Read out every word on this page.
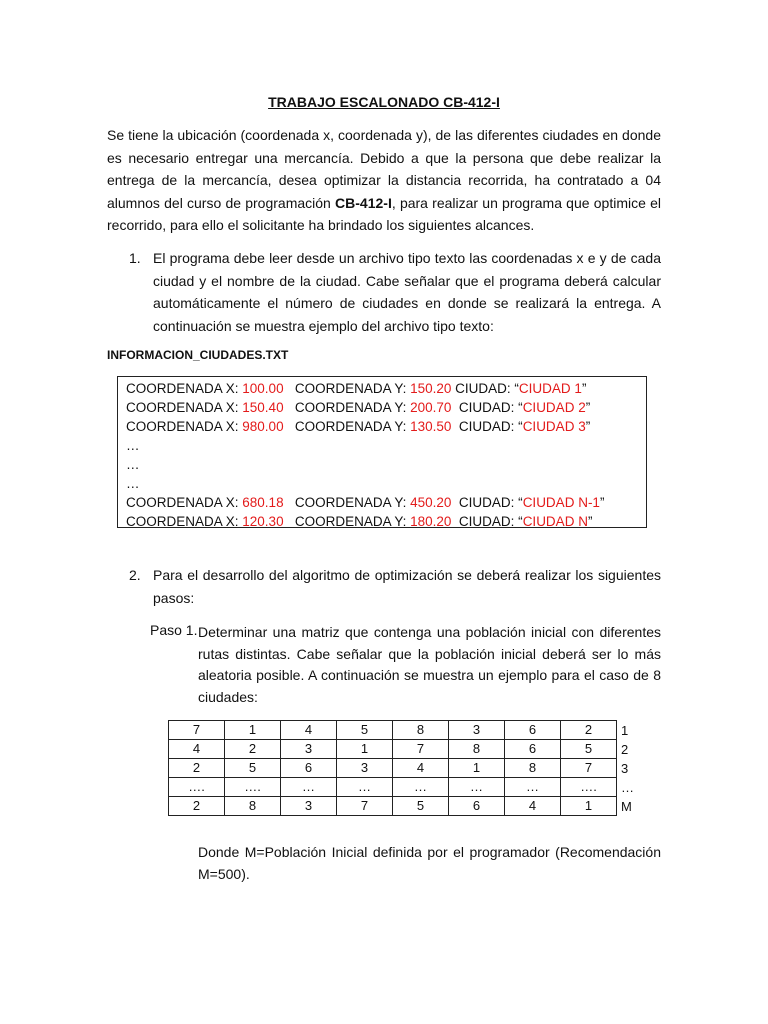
TRABAJO ESCALONADO CB-412-I
Se tiene la ubicación (coordenada x, coordenada y), de las diferentes ciudades en donde
es necesario entregar una mercancía. Debido a que la persona que debe realizar la
entrega de la mercancía, desea optimizar la distancia recorrida, ha contratado a 04
alumnos del curso de programación CB-412-I, para realizar un programa que optimice el
recorrido, para ello el solicitante ha brindado los siguientes alcances.
1. El programa debe leer desde un archivo tipo texto las coordenadas x e y de cada
ciudad y el nombre de la ciudad. Cabe señalar que el programa deberá calcular
automáticamente el número de ciudades en donde se realizará la entrega. A
continuación se muestra ejemplo del archivo tipo texto:
INFORMACION_CIUDADES.TXT
COORDENADA X: 100.00   COORDENADA Y: 150.20 CIUDAD: “CIUDAD 1”
COORDENADA X: 150.40   COORDENADA Y: 200.70  CIUDAD: “CIUDAD 2”
COORDENADA X: 980.00   COORDENADA Y: 130.50  CIUDAD: “CIUDAD 3”
…
…
…
COORDENADA X: 680.18   COORDENADA Y: 450.20  CIUDAD: “CIUDAD N-1”
COORDENADA X: 120.30   COORDENADA Y: 180.20  CIUDAD: “CIUDAD N”
2. Para el desarrollo del algoritmo de optimización se deberá realizar los siguientes
pasos:
Paso 1. Determinar una matriz que contenga una población inicial con diferentes
rutas distintas. Cabe señalar que la población inicial deberá ser lo más
aleatoria posible. A continuación se muestra un ejemplo para el caso de 8
ciudades:
7	1	4	5	8	3	6	2
4	2	3	1	7	8	6	5
2	5	6	3	4	1	8	7
….	….	…	…	…	…	…	….
2	8	3	7	5	6	4	1
1
2
3
…
M
Donde M=Población Inicial definida por el programador (Recomendación
M=500).
